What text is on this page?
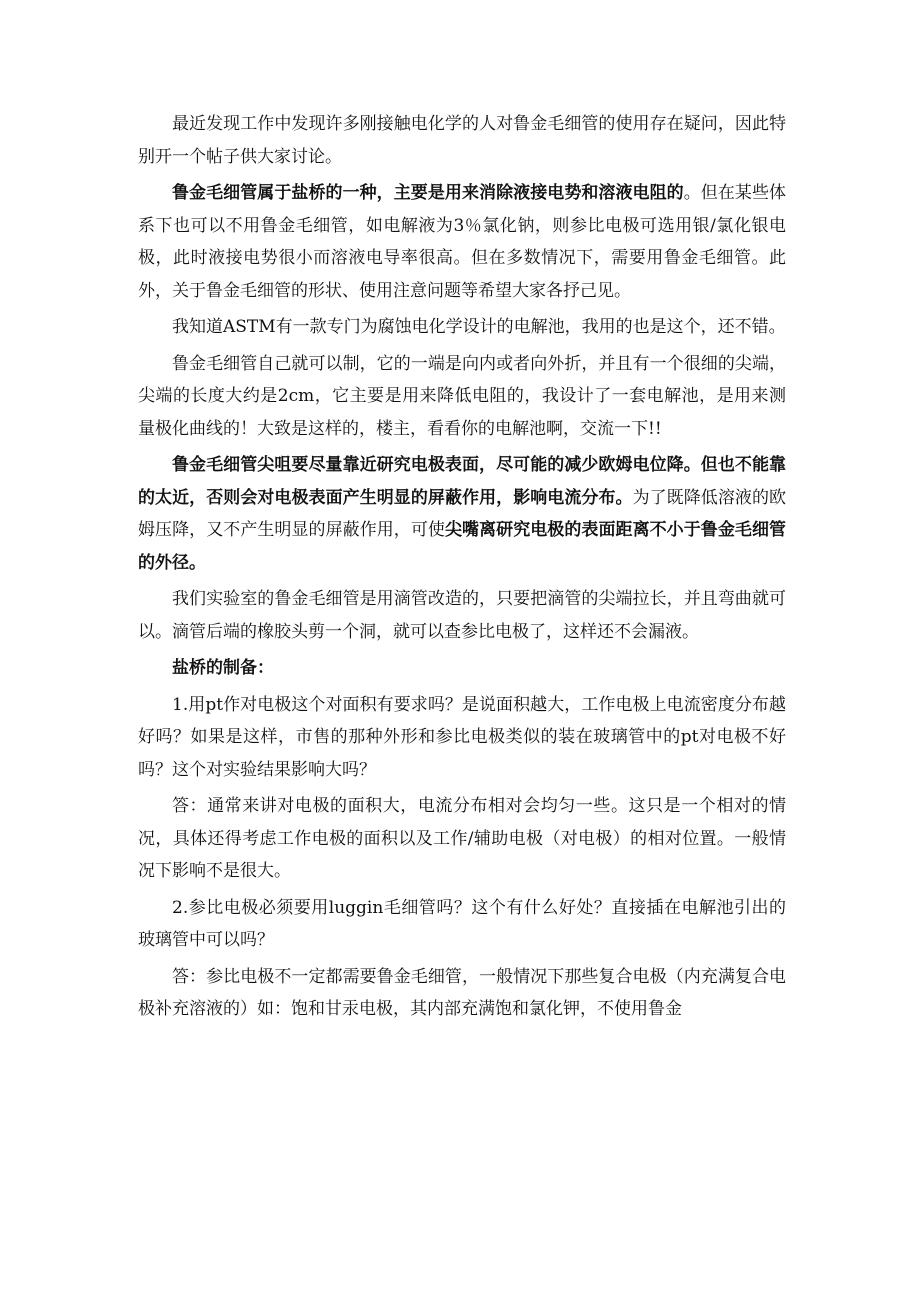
最近发现工作中发现许多刚接触电化学的人对鲁金毛细管的使用存在疑问，因此特别开一个帖子供大家讨论。

鲁金毛细管属于盐桥的一种，主要是用来消除液接电势和溶液电阻的。但在某些体系下也可以不用鲁金毛细管，如电解液为3％氯化钠，则参比电极可选用银/氯化银电极，此时液接电势很小而溶液电导率很高。但在多数情况下，需要用鲁金毛细管。此外，关于鲁金毛细管的形状、使用注意问题等希望大家各抒己见。

我知道ASTM有一款专门为腐蚀电化学设计的电解池，我用的也是这个，还不错。

鲁金毛细管自己就可以制，它的一端是向内或者向外折，并且有一个很细的尖端，尖端的长度大约是2cm，它主要是用来降低电阻的，我设计了一套电解池，是用来测量极化曲线的！大致是这样的，楼主，看看你的电解池啊，交流一下!!

鲁金毛细管尖咀要尽量靠近研究电极表面，尽可能的减少欧姆电位降。但也不能靠的太近，否则会对电极表面产生明显的屏蔽作用，影响电流分布。为了既降低溶液的欧姆压降，又不产生明显的屏蔽作用，可使尖嘴离研究电极的表面距离不小于鲁金毛细管的外径。

我们实验室的鲁金毛细管是用滴管改造的，只要把滴管的尖端拉长，并且弯曲就可以。滴管后端的橡胶头剪一个洞，就可以查参比电极了，这样还不会漏液。

盐桥的制备：

1.用pt作对电极这个对面积有要求吗？是说面积越大，工作电极上电流密度分布越好吗？如果是这样，市售的那种外形和参比电极类似的装在玻璃管中的pt对电极不好吗？这个对实验结果影响大吗？

答：通常来讲对电极的面积大，电流分布相对会均匀一些。这只是一个相对的情况，具体还得考虑工作电极的面积以及工作/辅助电极（对电极）的相对位置。一般情况下影响不是很大。

2.参比电极必须要用luggin毛细管吗？这个有什么好处？直接插在电解池引出的玻璃管中可以吗？

答：参比电极不一定都需要鲁金毛细管，一般情况下那些复合电极（内充满复合电极补充溶液的）如：饱和甘汞电极，其内部充满饱和氯化钾，不使用鲁金
